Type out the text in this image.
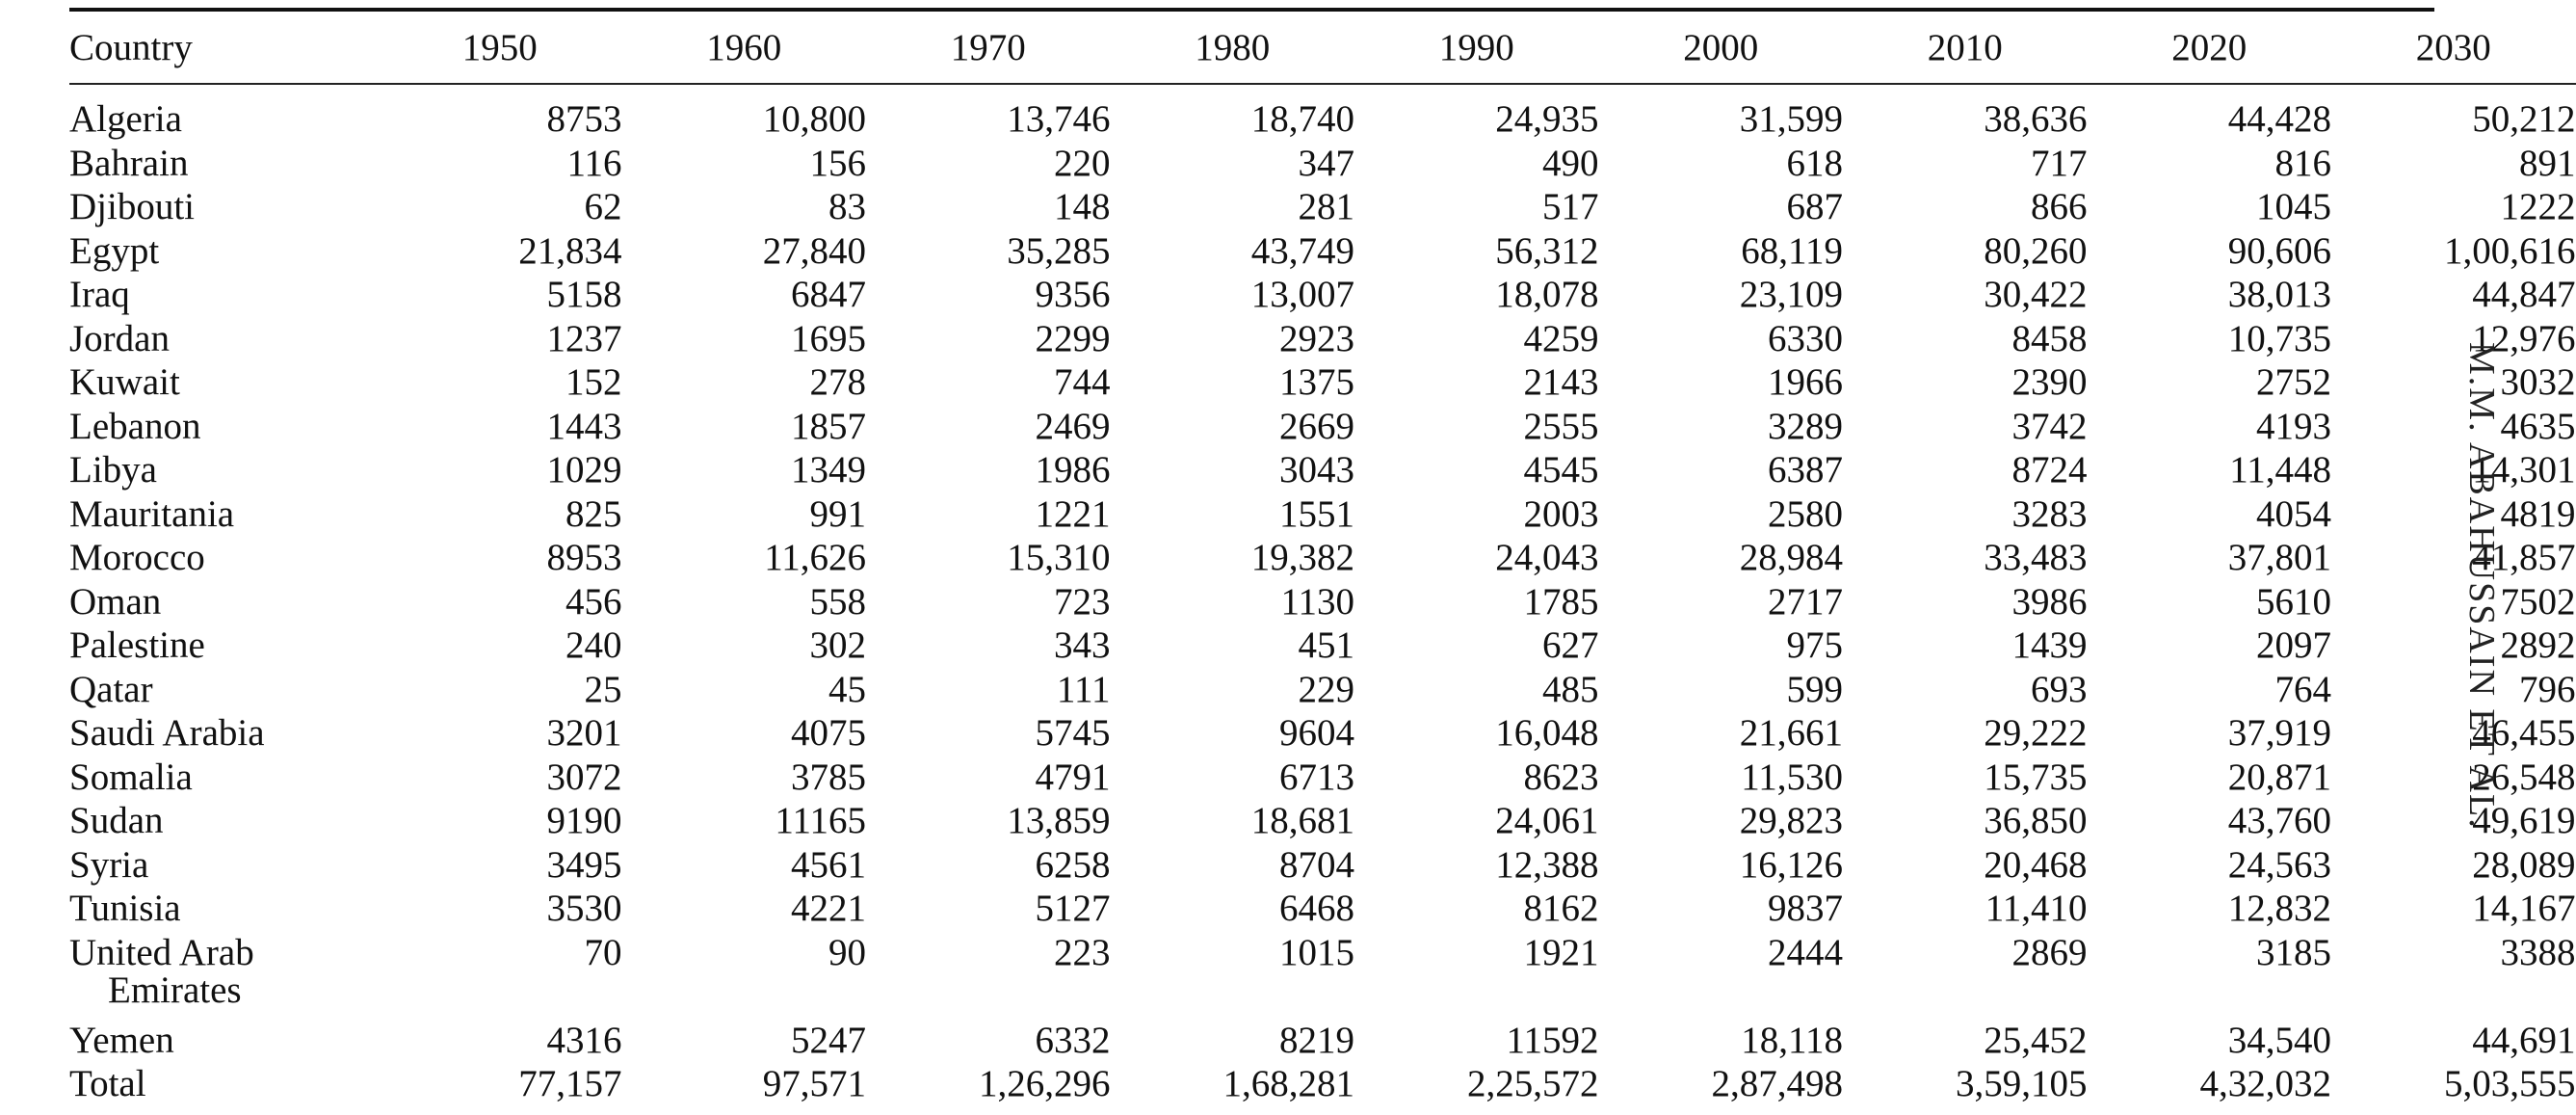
Country	1950	1960	1970	1980	1990	2000	2010	2020	2030

Algeria	8753	10,800	13,746	18,740	24,935	31,599	38,636	44,428	50,212

Bahrain	116	156	220	347	490	618	717	816	891

Djibouti	62	83	148	281	517	687	866	1045	1222

Egypt	21,834	27,840	35,285	43,749	56,312	68,119	80,260	90,606	1,00,616

Iraq	5158	6847	9356	13,007	18,078	23,109	30,422	38,013	44,847

Jordan	1237	1695	2299	2923	4259	6330	8458	10,735	12,976

Kuwait	152	278	744	1375	2143	1966	2390	2752	3032

Lebanon	1443	1857	2469	2669	2555	3289	3742	4193	4635

Libya	1029	1349	1986	3043	4545	6387	8724	11,448	14,301

Mauritania	825	991	1221	1551	2003	2580	3283	4054	4819

Morocco	8953	11,626	15,310	19,382	24,043	28,984	33,483	37,801	41,857

Oman	456	558	723	1130	1785	2717	3986	5610	7502

Palestine	240	302	343	451	627	975	1439	2097	2892

Qatar	25	45	111	229	485	599	693	764	796

Saudi Arabia	3201	4075	5745	9604	16,048	21,661	29,222	37,919	46,455

Somalia	3072	3785	4791	6713	8623	11,530	15,735	20,871	26,548

Sudan	9190	11165	13,859	18,681	24,061	29,823	36,850	43,760	49,619

Syria	3495	4561	6258	8704	12,388	16,126	20,468	24,563	28,089

Tunisia	3530	4221	5127	6468	8162	9837	11,410	12,832	14,167

United Arab
Emirates	70	90	223	1015	1921	2444	2869	3185	3388

Yemen	4316	5247	6332	8219	11592	18,118	25,452	34,540	44,691

Total	77,157	97,571	1,26,296	1,68,281	2,25,572	2,87,498	3,59,105	4,32,032	5,03,555
M.M. ABAHUSSAIN ET AL.
